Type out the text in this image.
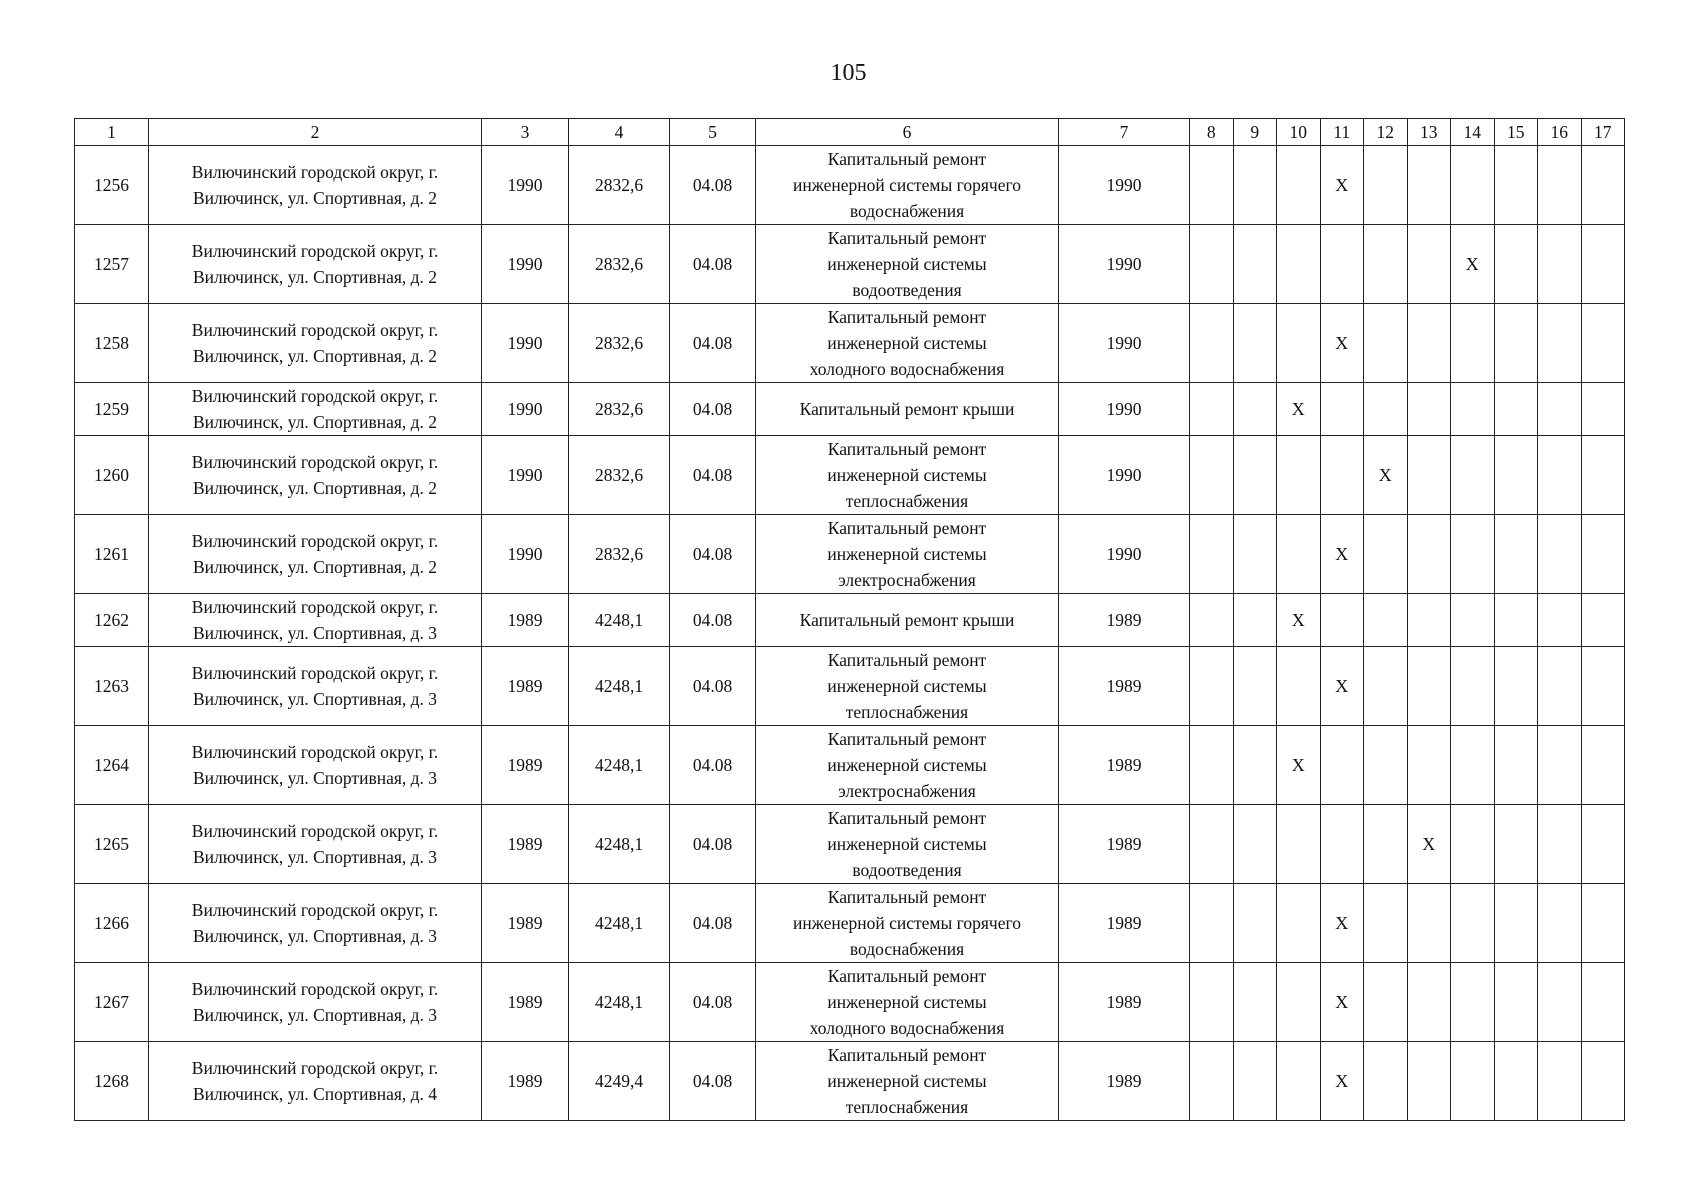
105
1	2	3	4	5	6	7	8	9	10	11	12	13	14	15	16	17
1256	Вилючинский городской округ, г.
Вилючинск, ул. Спортивная, д. 2	1990	2832,6	04.08	Капитальный ремонт
инженерной системы горячего
водоснабжения	1990				X						
1257	Вилючинский городской округ, г.
Вилючинск, ул. Спортивная, д. 2	1990	2832,6	04.08	Капитальный ремонт
инженерной системы
водоотведения	1990							X			
1258	Вилючинский городской округ, г.
Вилючинск, ул. Спортивная, д. 2	1990	2832,6	04.08	Капитальный ремонт
инженерной системы
холодного водоснабжения	1990				X						
1259	Вилючинский городской округ, г.
Вилючинск, ул. Спортивная, д. 2	1990	2832,6	04.08	Капитальный ремонт крыши	1990			X							
1260	Вилючинский городской округ, г.
Вилючинск, ул. Спортивная, д. 2	1990	2832,6	04.08	Капитальный ремонт
инженерной системы
теплоснабжения	1990					X					
1261	Вилючинский городской округ, г.
Вилючинск, ул. Спортивная, д. 2	1990	2832,6	04.08	Капитальный ремонт
инженерной системы
электроснабжения	1990				X						
1262	Вилючинский городской округ, г.
Вилючинск, ул. Спортивная, д. 3	1989	4248,1	04.08	Капитальный ремонт крыши	1989			X							
1263	Вилючинский городской округ, г.
Вилючинск, ул. Спортивная, д. 3	1989	4248,1	04.08	Капитальный ремонт
инженерной системы
теплоснабжения	1989				X						
1264	Вилючинский городской округ, г.
Вилючинск, ул. Спортивная, д. 3	1989	4248,1	04.08	Капитальный ремонт
инженерной системы
электроснабжения	1989			X							
1265	Вилючинский городской округ, г.
Вилючинск, ул. Спортивная, д. 3	1989	4248,1	04.08	Капитальный ремонт
инженерной системы
водоотведения	1989						X				
1266	Вилючинский городской округ, г.
Вилючинск, ул. Спортивная, д. 3	1989	4248,1	04.08	Капитальный ремонт
инженерной системы горячего
водоснабжения	1989				X						
1267	Вилючинский городской округ, г.
Вилючинск, ул. Спортивная, д. 3	1989	4248,1	04.08	Капитальный ремонт
инженерной системы
холодного водоснабжения	1989				X						
1268	Вилючинский городской округ, г.
Вилючинск, ул. Спортивная, д. 4	1989	4249,4	04.08	Капитальный ремонт
инженерной системы
теплоснабжения	1989				X						
